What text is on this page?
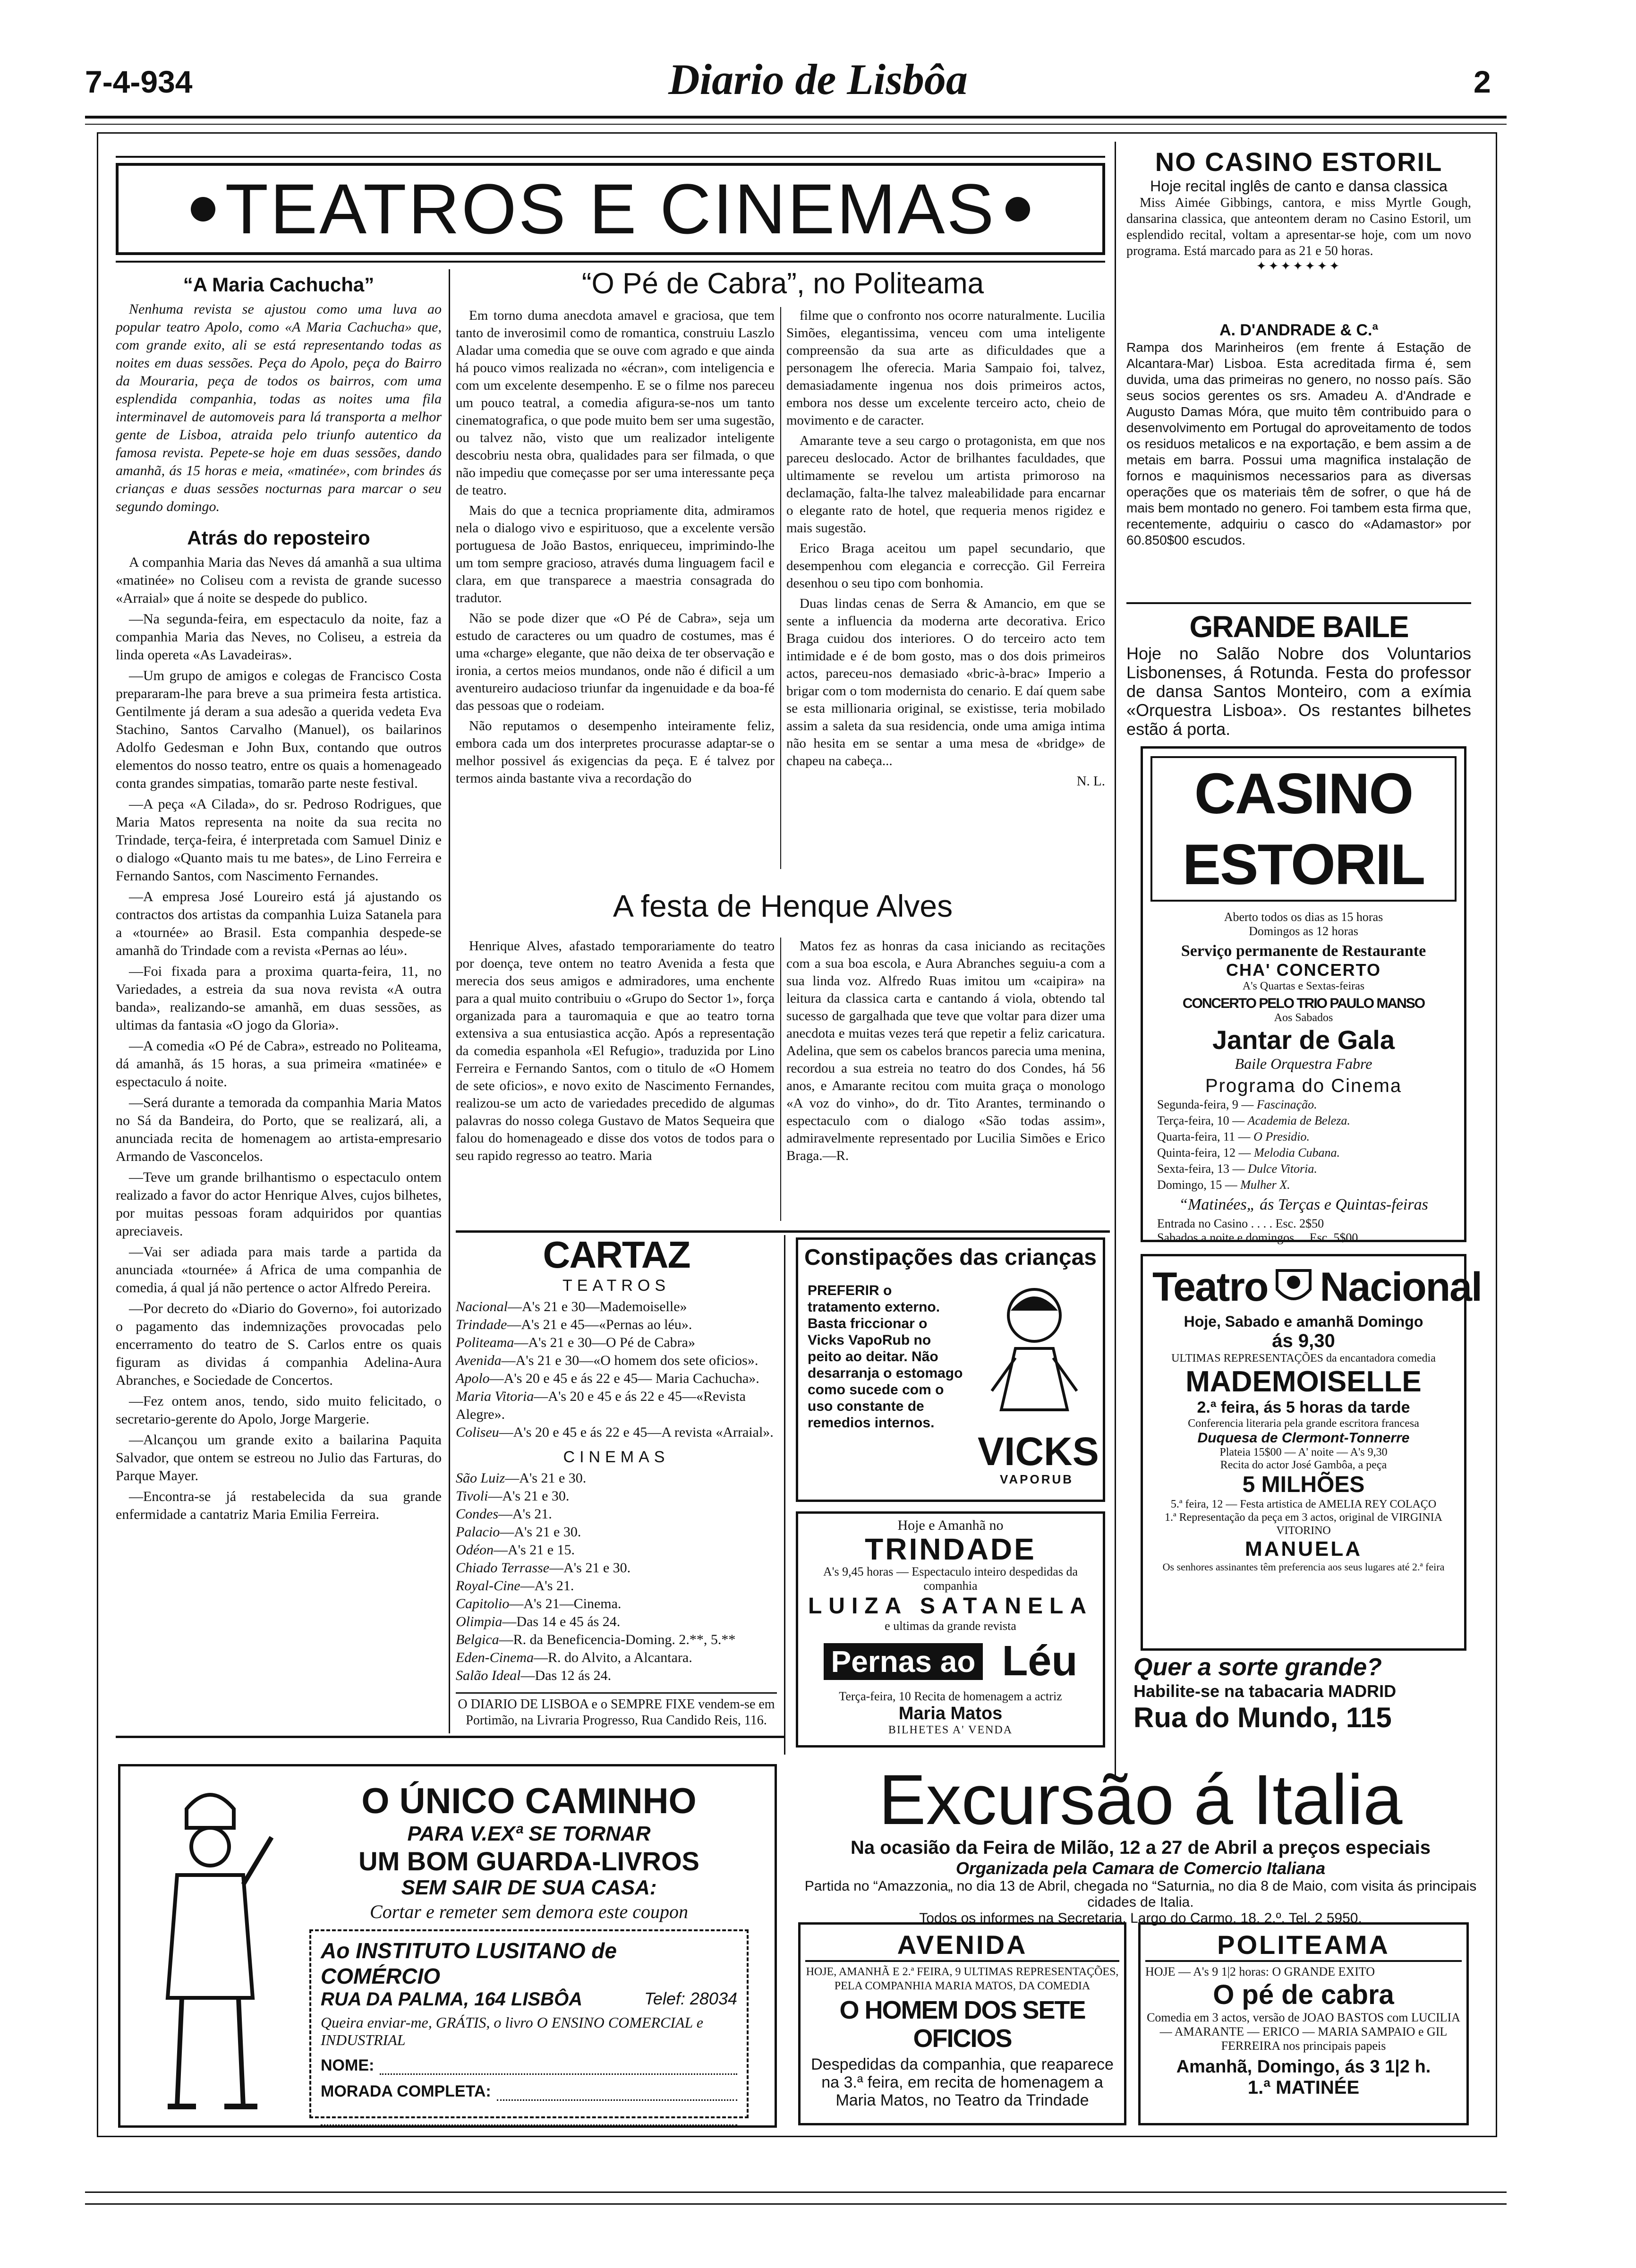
7-4-934	Diario de Lisbôa	2
TEATROS E CINEMAS
“A Maria Cachucha”

Nenhuma revista se ajustou como uma luva ao popular teatro Apolo, como «A Maria Cachucha» que, com grande exito, ali se está representando todas as noites em duas sessões. Peça do Apolo, peça do Bairro da Mouraria, peça de todos os bairros, com uma esplendida companhia, todas as noites uma fila interminavel de automoveis para lá transporta a melhor gente de Lisboa, atraida pelo triunfo autentico da famosa revista. Pepete-se hoje em duas sessões, dando amanhã, ás 15 horas e meia, «matinée», com brindes ás crianças e duas sessões nocturnas para marcar o seu segundo domingo.

Atrás do reposteiro

A companhia Maria das Neves dá amanhã a sua ultima «matinée» no Coliseu com a revista de grande sucesso «Arraial» que á noite se despede do publico.

—Na segunda-feira, em espectaculo da noite, faz a companhia Maria das Neves, no Coliseu, a estreia da linda opereta «As Lavadeiras».

—Um grupo de amigos e colegas de Francisco Costa prepararam-lhe para breve a sua primeira festa artistica. Gentilmente já deram a sua adesão a querida vedeta Eva Stachino, Santos Carvalho (Manuel), os bailarinos Adolfo Gedesman e John Bux, contando que outros elementos do nosso teatro, entre os quais a homenageado conta grandes simpatias, tomarão parte neste festival.

—A peça «A Cilada», do sr. Pedroso Rodrigues, que Maria Matos representa na noite da sua recita no Trindade, terça-feira, é interpretada com Samuel Diniz e o dialogo «Quanto mais tu me bates», de Lino Ferreira e Fernando Santos, com Nascimento Fernandes.

—A empresa José Loureiro está já ajustando os contractos dos artistas da companhia Luiza Satanela para a «tournée» ao Brasil. Esta companhia despede-se amanhã do Trindade com a revista «Pernas ao léu».

—Foi fixada para a proxima quarta-feira, 11, no Variedades, a estreia da sua nova revista «A outra banda», realizando-se amanhã, em duas sessões, as ultimas da fantasia «O jogo da Gloria».

—A comedia «O Pé de Cabra», estreado no Politeama, dá amanhã, ás 15 horas, a sua primeira «matinée» e espectaculo á noite.

—Será durante a temorada da companhia Maria Matos no Sá da Bandeira, do Porto, que se realizará, ali, a anunciada recita de homenagem ao artista-empresario Armando de Vasconcelos.

—Teve um grande brilhantismo o espectaculo ontem realizado a favor do actor Henrique Alves, cujos bilhetes, por muitas pessoas foram adquiridos por quantias apreciaveis.

—Vai ser adiada para mais tarde a partida da anunciada «tournée» á Africa de uma companhia de comedia, á qual já não pertence o actor Alfredo Pereira.

—Por decreto do «Diario do Governo», foi autorizado o pagamento das indemnizações provocadas pelo encerramento do teatro de S. Carlos entre os quais figuram as dividas á companhia Adelina-Aura Abranches, e Sociedade de Concertos.

—Fez ontem anos, tendo, sido muito felicitado, o secretario-gerente do Apolo, Jorge Margerie.

—Alcançou um grande exito a bailarina Paquita Salvador, que ontem se estreou no Julio das Farturas, do Parque Mayer.

—Encontra-se já restabelecida da sua grande enfermidade a cantatriz Maria Emilia Ferreira.

“O Pé de Cabra”, no Politeama

Em torno duma anecdota amavel e graciosa, que tem tanto de inverosimil como de romantica, construiu Laszlo Aladar uma comedia que se ouve com agrado e que ainda há pouco vimos realizada no «écran», com inteligencia e com um excelente desempenho. E se o filme nos pareceu um pouco teatral, a comedia afigura-se-nos um tanto cinematografica, o que pode muito bem ser uma sugestão, ou talvez não, visto que um realizador inteligente descobriu nesta obra, qualidades para ser filmada, o que não impediu que começasse por ser uma interessante peça de teatro.

Mais do que a tecnica propriamente dita, admiramos nela o dialogo vivo e espirituoso, que a excelente versão portuguesa de João Bastos, enriqueceu, imprimindo-lhe um tom sempre gracioso, através duma linguagem facil e clara, em que transparece a maestria consagrada do tradutor.

Não se pode dizer que «O Pé de Cabra», seja um estudo de caracteres ou um quadro de costumes, mas é uma «charge» elegante, que não deixa de ter observação e ironia, a certos meios mundanos, onde não é dificil a um aventureiro audacioso triunfar da ingenuidade e da boa-fé das pessoas que o rodeiam.

Não reputamos o desempenho inteiramente feliz, embora cada um dos interpretes procurasse adaptar-se o melhor possivel ás exigencias da peça. E é talvez por termos ainda bastante viva a recordação do

filme que o confronto nos ocorre naturalmente. Lucilia Simões, elegantissima, venceu com uma inteligente compreensão da sua arte as dificuldades que a personagem lhe oferecia. Maria Sampaio foi, talvez, demasiadamente ingenua nos dois primeiros actos, embora nos desse um excelente terceiro acto, cheio de movimento e de caracter.

Amarante teve a seu cargo o protagonista, em que nos pareceu deslocado. Actor de brilhantes faculdades, que ultimamente se revelou um artista primoroso na declamação, falta-lhe talvez maleabilidade para encarnar o elegante rato de hotel, que requeria menos rigidez e mais sugestão.

Erico Braga aceitou um papel secundario, que desempenhou com elegancia e correcção. Gil Ferreira desenhou o seu tipo com bonhomia.

Duas lindas cenas de Serra & Amancio, em que se sente a influencia da moderna arte decorativa. Erico Braga cuidou dos interiores. O do terceiro acto tem intimidade e é de bom gosto, mas o dos dois primeiros actos, pareceu-nos demasiado «bric-à-brac» Imperio a brigar com o tom modernista do cenario. E daí quem sabe se esta millionaria original, se existisse, teria mobilado assim a saleta da sua residencia, onde uma amiga intima não hesita em se sentar a uma mesa de «bridge» de chapeu na cabeça...

N. L.

A festa de Henque Alves
Henrique Alves, afastado temporariamente do teatro por doença, teve ontem no teatro Avenida a festa que merecia dos seus amigos e admiradores, uma enchente para a qual muito contribuiu o «Grupo do Sector 1», força organizada para a tauromaquia e que ao teatro torna extensiva a sua entusiastica acção. Após a representação da comedia espanhola «El Refugio», traduzida por Lino Ferreira e Fernando Santos, com o titulo de «O Homem de sete oficios», e novo exito de Nascimento Fernandes, realizou-se um acto de variedades precedido de algumas palavras do nosso colega Gustavo de Matos Sequeira que falou do homenageado e disse dos votos de todos para o seu rapido regresso ao teatro. Maria
Matos fez as honras da casa iniciando as recitações com a sua boa escola, e Aura Abranches seguiu-a com a sua linda voz. Alfredo Ruas imitou um «caipira» na leitura da classica carta e cantando á viola, obtendo tal sucesso de gargalhada que teve que voltar para dizer uma anecdota e muitas vezes terá que repetir a feliz caricatura. Adelina, que sem os cabelos brancos parecia uma menina, recordou a sua estreia no teatro do dos Condes, há 56 anos, e Amarante recitou com muita graça o monologo «A voz do vinho», do dr. Tito Arantes, terminando o espectaculo com o dialogo «São todas assim», admiravelmente representado por Lucilia Simões e Erico Braga.—R.
CARTAZ
TEATROS
Nacional—A's 21 e 30—Mademoiselle»
Trindade—A's 21 e 45—«Pernas ao léu».
Politeama—A's 21 e 30—O Pé de Cabra»
Avenida—A's 21 e 30—«O homem dos sete oficios».
Apolo—A's 20 e 45 e ás 22 e 45— Maria Cachucha».
Maria Vitoria—A's 20 e 45 e ás 22 e 45—«Revista Alegre».
Coliseu—A's 20 e 45 e ás 22 e 45—A revista «Arraial».
CINEMAS
São Luiz—A's 21 e 30.
Tivoli—A's 21 e 30.
Condes—A's 21.
Palacio—A's 21 e 30.
Odéon—A's 21 e 15.
Chiado Terrasse—A's 21 e 30.
Royal-Cine—A's 21.
Capitolio—A's 21—Cinema.
Olimpia—Das 14 e 45 ás 24.
Belgica—R. da Beneficencia-Doming. 2.**, 5.**
Eden-Cinema—R. do Alvito, a Alcantara.
Salão Ideal—Das 12 ás 24.
O DIARIO DE LISBOA e o SEMPRE FIXE vendem-se em Portimão, na Livraria Progresso, Rua Candido Reis, 116.
Constipações das crianças
PREFERIR o tratamento externo. Basta friccionar o Vicks VapoRub no peito ao deitar. Não desarranja o estomago como sucede com o uso constante de remedios internos.
VICKS
VAPORUB
Hoje e Amanhã no
TRINDADE
A's 9,45 horas — Espectaculo inteiro despedidas da companhia
LUIZA SATANELA
e ultimas da grande revista
Pernas ao Léu
Terça-feira, 10 Recita de homenagem a actriz
Maria Matos
BILHETES A' VENDA
NO CASINO ESTORIL
Hoje recital inglês de canto e dansa classica
Miss Aimée Gibbings, cantora, e miss Myrtle Gough, dansarina classica, que anteontem deram no Casino Estoril, um esplendido recital, voltam a apresentar-se hoje, com um novo programa. Está marcado para as 21 e 50 horas.
✦✦✦✦✦✦✦
A. D'ANDRADE & C.ª
Rampa dos Marinheiros (em frente á Estação de Alcantara-Mar) Lisboa. Esta acreditada firma é, sem duvida, uma das primeiras no genero, no nosso país. São seus socios gerentes os srs. Amadeu A. d'Andrade e Augusto Damas Móra, que muito têm contribuido para o desenvolvimento em Portugal do aproveitamento de todos os residuos metalicos e na exportação, e bem assim a de metais em barra. Possui uma magnifica instalação de fornos e maquinismos necessarios para as diversas operações que os materiais têm de sofrer, o que há de mais bem montado no genero. Foi tambem esta firma que, recentemente, adquiriu o casco do «Adamastor» por 60.850$00 escudos.
GRANDE BAILE
Hoje no Salão Nobre dos Voluntarios Lisbonenses, á Rotunda. Festa do professor de dansa Santos Monteiro, com a exímia «Orquestra Lisboa». Os restantes bilhetes estão á porta.
CASINO ESTORIL
Aberto todos os dias as 15 horas
Domingos as 12 horas
Serviço permanente de Restaurante
CHA' CONCERTO
A's Quartas e Sextas-feiras
CONCERTO PELO TRIO PAULO MANSO
Aos Sabados
Jantar de Gala
Baile Orquestra Fabre
Programa do Cinema
Segunda-feira, 9 — Fascinação.
Terça-feira, 10 — Academia de Beleza.
Quarta-feira, 11 — O Presidio.
Quinta-feira, 12 — Melodia Cubana.
Sexta-feira, 13 — Dulce Vitoria.
Domingo, 15 — Mulher X.
“Matinées„ ás Terças e Quintas-feiras
Entrada no Casino . . . . Esc. 2$50
Sabados a noite e domingos . . Esc. 5$00
Teatro Nacional
Hoje, Sabado e amanhã Domingo
ás 9,30
ULTIMAS REPRESENTAÇÕES da encantadora comedia
MADEMOISELLE
2.ª feira, ás 5 horas da tarde
Conferencia literaria pela grande escritora francesa
Duquesa de Clermont-Tonnerre
Plateia 15$00 — A' noite — A's 9,30
Recita do actor José Gambôa, a peça
5 MILHÕES
5.ª feira, 12 — Festa artistica de AMELIA REY COLAÇO
1.ª Representação da peça em 3 actos, original de VIRGINIA VITORINO
MANUELA
Os senhores assinantes têm preferencia aos seus lugares até 2.ª feira
Quer a sorte grande?
Habilite-se na tabacaria MADRID
Rua do Mundo, 115
O ÚNICO CAMINHO
PARA V.EXª SE TORNAR
UM BOM GUARDA-LIVROS
SEM SAIR DE SUA CASA:
Cortar e remeter sem demora este coupon
Ao INSTITUTO LUSITANO de COMÉRCIO
RUA DA PALMA, 164 LISBÔA	Telef: 28034
Queira enviar-me, GRÁTIS, o livro O ENSINO COMERCIAL e INDUSTRIAL
NOME:
MORADA COMPLETA:
Excursão á Italia
Na ocasião da Feira de Milão, 12 a 27 de Abril a preços especiais
Organizada pela Camara de Comercio Italiana
Partida no “Amazzonia„ no dia 13 de Abril, chegada no “Saturnia„ no dia 8 de Maio, com visita ás principais cidades de Italia.
Todos os informes na Secretaria, Largo do Carmo, 18, 2.º. Tel. 2 5950.
AVENIDA
HOJE, AMANHÃ E 2.ª FEIRA, 9 ULTIMAS REPRESENTAÇÕES, PELA COMPANHIA MARIA MATOS, DA COMEDIA
O HOMEM DOS SETE OFICIOS
Despedidas da companhia, que reaparece na 3.ª feira, em recita de homenagem a Maria Matos, no Teatro da Trindade
POLITEAMA
HOJE — A's 9 1|2 horas: O GRANDE EXITO
O pé de cabra
Comedia em 3 actos, versão de JOAO BASTOS com LUCILIA — AMARANTE — ERICO — MARIA SAMPAIO e GIL FERREIRA nos principais papeis
Amanhã, Domingo, ás 3 1|2 h.
1.ª MATINÉE
